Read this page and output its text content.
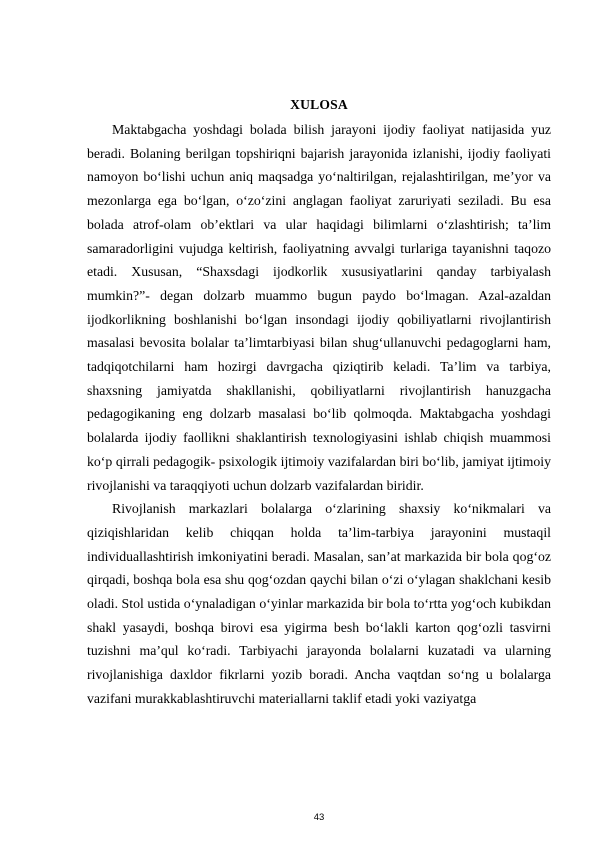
XULOSA

Maktabgacha yoshdagi bolada bilish jarayoni ijodiy faoliyat natijasida yuz beradi. Bolaning berilgan topshiriqni bajarish jarayonida izlanishi, ijodiy faoliyati namoyon bo‘lishi uchun aniq maqsadga yo‘naltirilgan, rejalashtirilgan, me’yor va mezonlarga ega bo‘lgan, o‘zo‘zini anglagan faoliyat zaruriyati seziladi. Bu esa bolada atrof-olam ob’ektlari va ular haqidagi bilimlarni o‘zlashtirish; ta’lim samaradorligini vujudga keltirish, faoliyatning avvalgi turlariga tayanishni taqozo etadi. Xususan, “Shaxsdagi ijodkorlik xususiyatlarini qanday tarbiyalash mumkin?”- degan dolzarb muammo bugun paydo bo‘lmagan. Azal-azaldan ijodkorlikning boshlanishi bo‘lgan insondagi ijodiy qobiliyatlarni rivojlantirish masalasi bevosita bolalar ta’limtarbiyasi bilan shug‘ullanuvchi pedagoglarni ham, tadqiqotchilarni ham hozirgi davrgacha qiziqtirib keladi. Ta’lim va tarbiya, shaxsning jamiyatda shakllanishi, qobiliyatlarni rivojlantirish hanuzgacha pedagogikaning eng dolzarb masalasi bo‘lib qolmoqda. Maktabgacha yoshdagi bolalarda ijodiy faollikni shaklantirish texnologiyasini ishlab chiqish muammosi ko‘p qirrali pedagogik- psixologik ijtimoiy vazifalardan biri bo‘lib, jamiyat ijtimoiy rivojlanishi va taraqqiyoti uchun dolzarb vazifalardan biridir.

Rivojlanish markazlari bolalarga o‘zlarining shaxsiy ko‘nikmalari va qiziqishlaridan kelib chiqqan holda ta’lim-tarbiya jarayonini mustaqil individuallashtirish imkoniyatini beradi. Masalan, san’at markazida bir bola qog‘oz qirqadi, boshqa bola esa shu qog‘ozdan qaychi bilan o‘zi o‘ylagan shaklchani kesib oladi. Stol ustida o‘ynaladigan o‘yinlar markazida bir bola to‘rtta yog‘och kubikdan shakl yasaydi, boshqa birovi esa yigirma besh bo‘lakli karton qog‘ozli tasvirni tuzishni ma’qul ko‘radi. Tarbiyachi jarayonda bolalarni kuzatadi va ularning rivojlanishiga daxldor fikrlarni yozib boradi. Ancha vaqtdan so‘ng u bolalarga vazifani murakkablashtiruvchi materiallarni taklif etadi yoki vaziyatga

43
